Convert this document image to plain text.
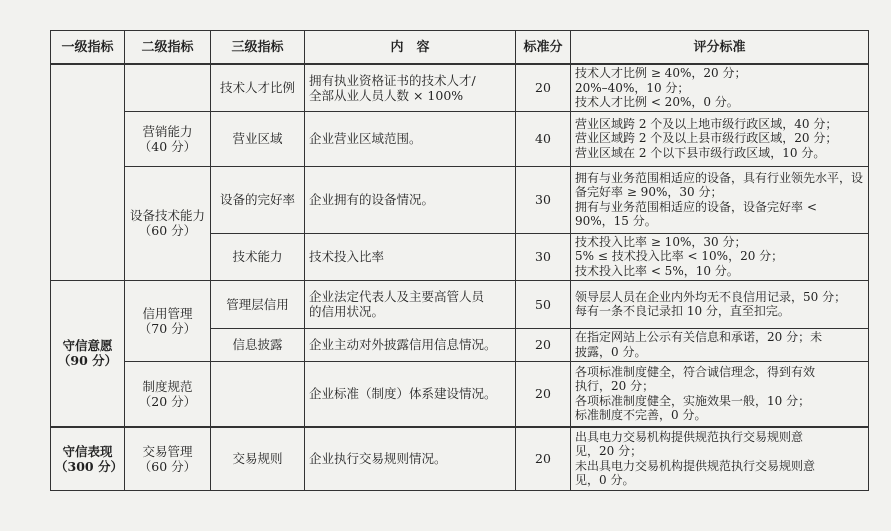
一级指标	二级指标	三级指标	内　容	标准分	评分标准
		技术人才比例	拥有执业资格证书的技术人才/
全部从业人员人数 × 100%	20	技术人才比例 ≥ 40%，20 分；
20%–40%，10 分；
技术人才比例 < 20%，0 分。
	营销能力
（40 分）	营业区域	企业营业区域范围。	40	营业区域跨 2 个及以上地市级行政区域，40 分；
营业区域跨 2 个及以上县市级行政区域，20 分；
营业区域在 2 个以下县市级行政区域，10 分。
	设备技术能力
（60 分）	设备的完好率	企业拥有的设备情况。	30	拥有与业务范围相适应的设备，具有行业领先水平，设备完好率 ≥ 90%，30 分；
拥有与业务范围相适应的设备，设备完好率 <
90%，15 分。
		技术能力	技术投入比率	30	技术投入比率 ≥ 10%，30 分；
5% ≤ 技术投入比率 < 10%，20 分；
技术投入比率 < 5%，10 分。
守信意愿
（90 分）	信用管理
（70 分）	管理层信用	企业法定代表人及主要高管人员
的信用状况。	50	领导层人员在企业内外均无不良信用记录，50 分；
每有一条不良记录扣 10 分，直至扣完。
		信息披露	企业主动对外披露信用信息情况。	20	在指定网站上公示有关信息和承诺，20 分；未
披露，0 分。
	制度规范
（20 分）		企业标准（制度）体系建设情况。	20	各项标准制度健全，符合诚信理念，得到有效
执行，20 分；
各项标准制度健全，实施效果一般，10 分；
标准制度不完善，0 分。
守信表现
（300 分）	交易管理
（60 分）	交易规则	企业执行交易规则情况。	20	出具电力交易机构提供规范执行交易规则意
见，20 分；
未出具电力交易机构提供规范执行交易规则意
见，0 分。
